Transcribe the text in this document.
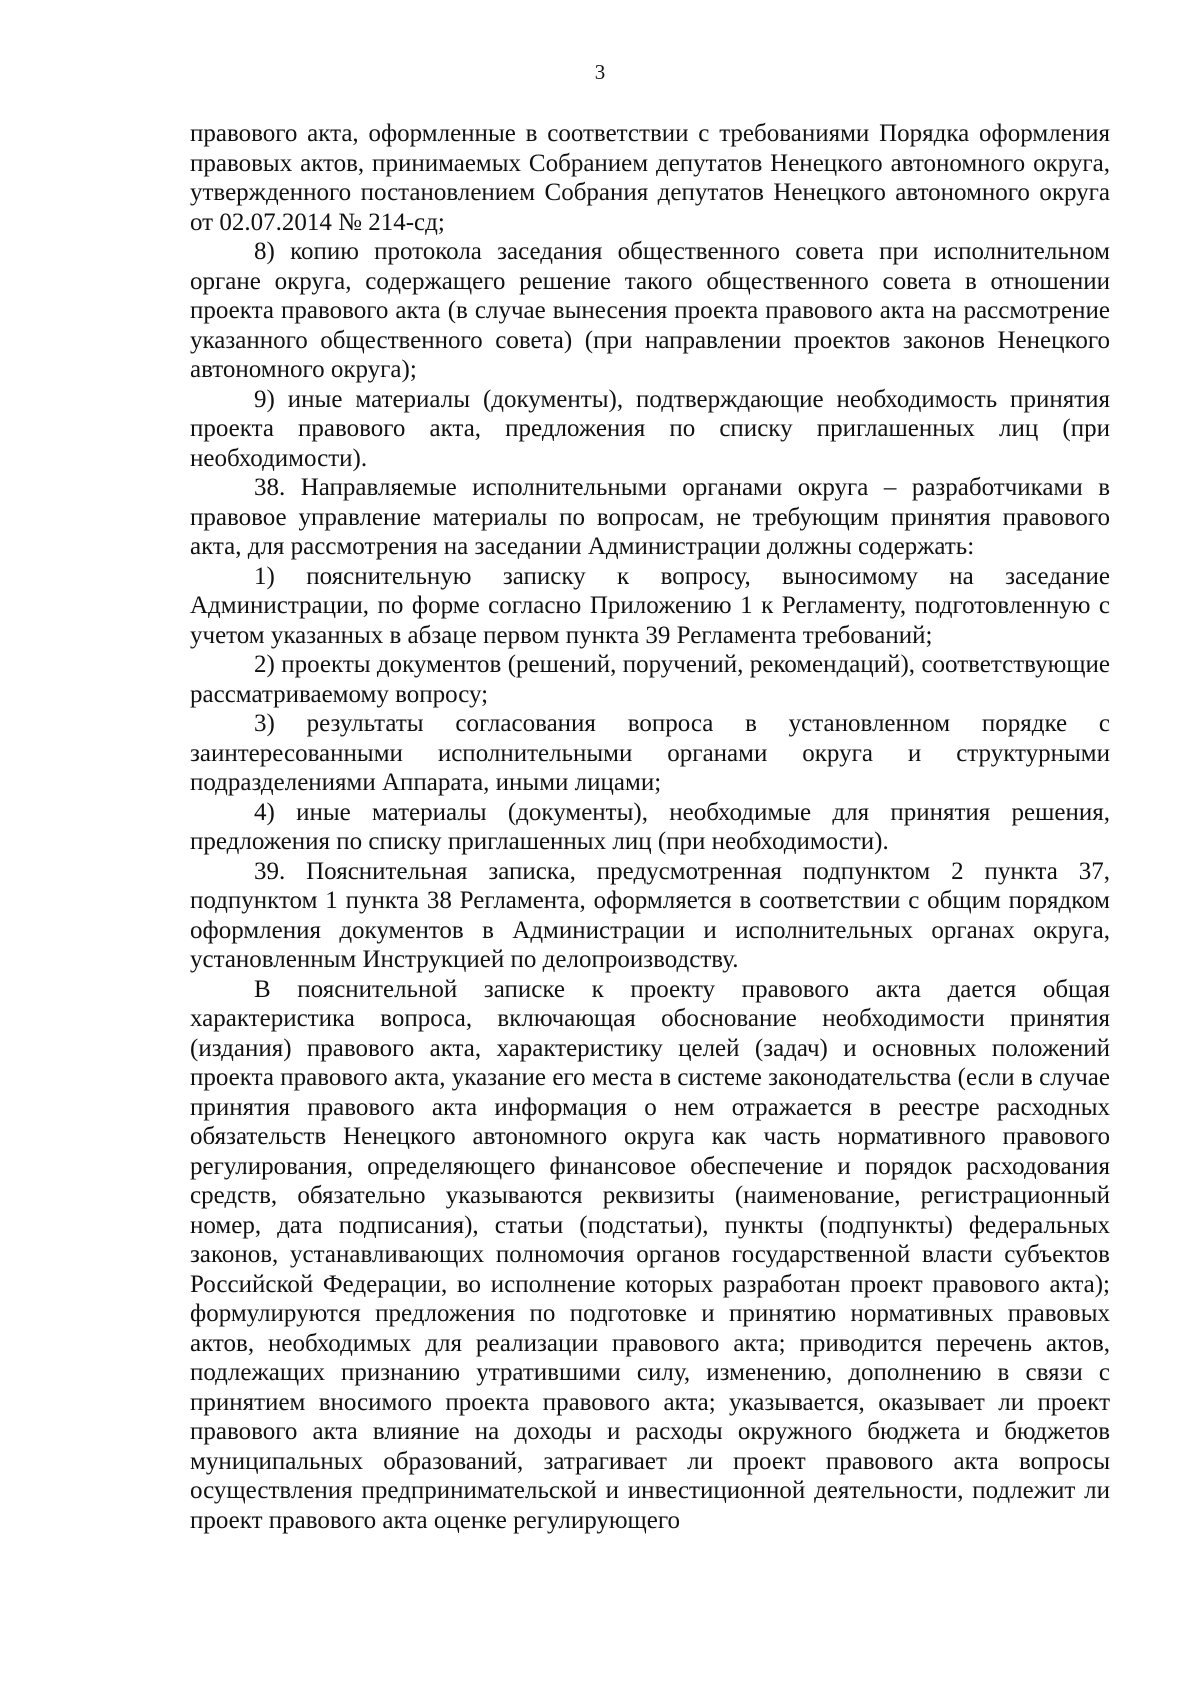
3

правового акта, оформленные в соответствии с требованиями Порядка оформления правовых актов, принимаемых Собранием депутатов Ненецкого автономного округа, утвержденного постановлением Собрания депутатов Ненецкого автономного округа от 02.07.2014 № 214-сд;

8) копию протокола заседания общественного совета при исполнительном органе округа, содержащего решение такого общественного совета в отношении проекта правового акта (в случае вынесения проекта правового акта на рассмотрение указанного общественного совета) (при направлении проектов законов Ненецкого автономного округа);

9) иные материалы (документы), подтверждающие необходимость принятия проекта правового акта, предложения по списку приглашенных лиц (при необходимости).

38. Направляемые исполнительными органами округа – разработчиками в правовое управление материалы по вопросам, не требующим принятия правового акта, для рассмотрения на заседании Администрации должны содержать:

1) пояснительную записку к вопросу, выносимому на заседание Администрации, по форме согласно Приложению 1 к Регламенту, подготовленную с учетом указанных в абзаце первом пункта 39 Регламента требований;

2) проекты документов (решений, поручений, рекомендаций), соответствующие рассматриваемому вопросу;

3) результаты согласования вопроса в установленном порядке с заинтересованными исполнительными органами округа и структурными подразделениями Аппарата, иными лицами;

4) иные материалы (документы), необходимые для принятия решения, предложения по списку приглашенных лиц (при необходимости).

39. Пояснительная записка, предусмотренная подпунктом 2 пункта 37, подпунктом 1 пункта 38 Регламента, оформляется в соответствии с общим порядком оформления документов в Администрации и исполнительных органах округа, установленным Инструкцией по делопроизводству.

В пояснительной записке к проекту правового акта дается общая характеристика вопроса, включающая обоснование необходимости принятия (издания) правового акта, характеристику целей (задач) и основных положений проекта правового акта, указание его места в системе законодательства (если в случае принятия правового акта информация о нем отражается в реестре расходных обязательств Ненецкого автономного округа как часть нормативного правового регулирования, определяющего финансовое обеспечение и порядок расходования средств, обязательно указываются реквизиты (наименование, регистрационный номер, дата подписания), статьи (подстатьи), пункты (подпункты) федеральных законов, устанавливающих полномочия органов государственной власти субъектов Российской Федерации, во исполнение которых разработан проект правового акта); формулируются предложения по подготовке и принятию нормативных правовых актов, необходимых для реализации правового акта; приводится перечень актов, подлежащих признанию утратившими силу, изменению, дополнению в связи с принятием вносимого проекта правового акта; указывается, оказывает ли проект правового акта влияние на доходы и расходы окружного бюджета и бюджетов муниципальных образований, затрагивает ли проект правового акта вопросы осуществления предпринимательской и инвестиционной деятельности, подлежит ли проект правового акта оценке регулирующего
